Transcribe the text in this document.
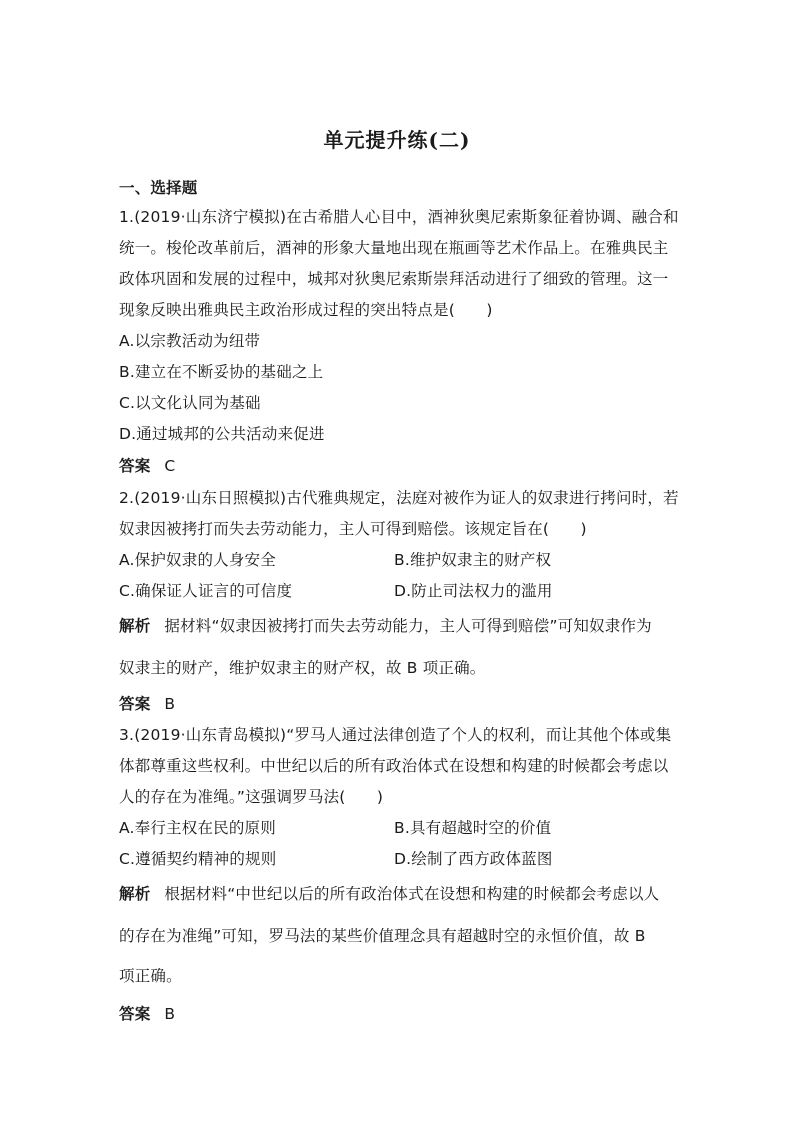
单元提升练(二)
一、选择题
1.(2019·山东济宁模拟)在古希腊人心目中，酒神狄奥尼索斯象征着协调、融合和
统一。梭伦改革前后，酒神的形象大量地出现在瓶画等艺术作品上。在雅典民主
政体巩固和发展的过程中，城邦对狄奥尼索斯崇拜活动进行了细致的管理。这一
现象反映出雅典民主政治形成过程的突出特点是(　　)
A.以宗教活动为纽带
B.建立在不断妥协的基础之上
C.以文化认同为基础
D.通过城邦的公共活动来促进
答案 C
2.(2019·山东日照模拟)古代雅典规定，法庭对被作为证人的奴隶进行拷问时，若
奴隶因被拷打而失去劳动能力，主人可得到赔偿。该规定旨在(　　)
A.保护奴隶的人身安全	B.维护奴隶主的财产权
C.确保证人证言的可信度	D.防止司法权力的滥用
解析 据材料“奴隶因被拷打而失去劳动能力，主人可得到赔偿”可知奴隶作为
奴隶主的财产，维护奴隶主的财产权，故 B 项正确。
答案 B
3.(2019·山东青岛模拟)“罗马人通过法律创造了个人的权利，而让其他个体或集
体都尊重这些权利。中世纪以后的所有政治体式在设想和构建的时候都会考虑以
人的存在为准绳。”这强调罗马法(　　)
A.奉行主权在民的原则	B.具有超越时空的价值
C.遵循契约精神的规则	D.绘制了西方政体蓝图
解析 根据材料“中世纪以后的所有政治体式在设想和构建的时候都会考虑以人
的存在为准绳”可知，罗马法的某些价值理念具有超越时空的永恒价值，故 B
项正确。
答案 B
